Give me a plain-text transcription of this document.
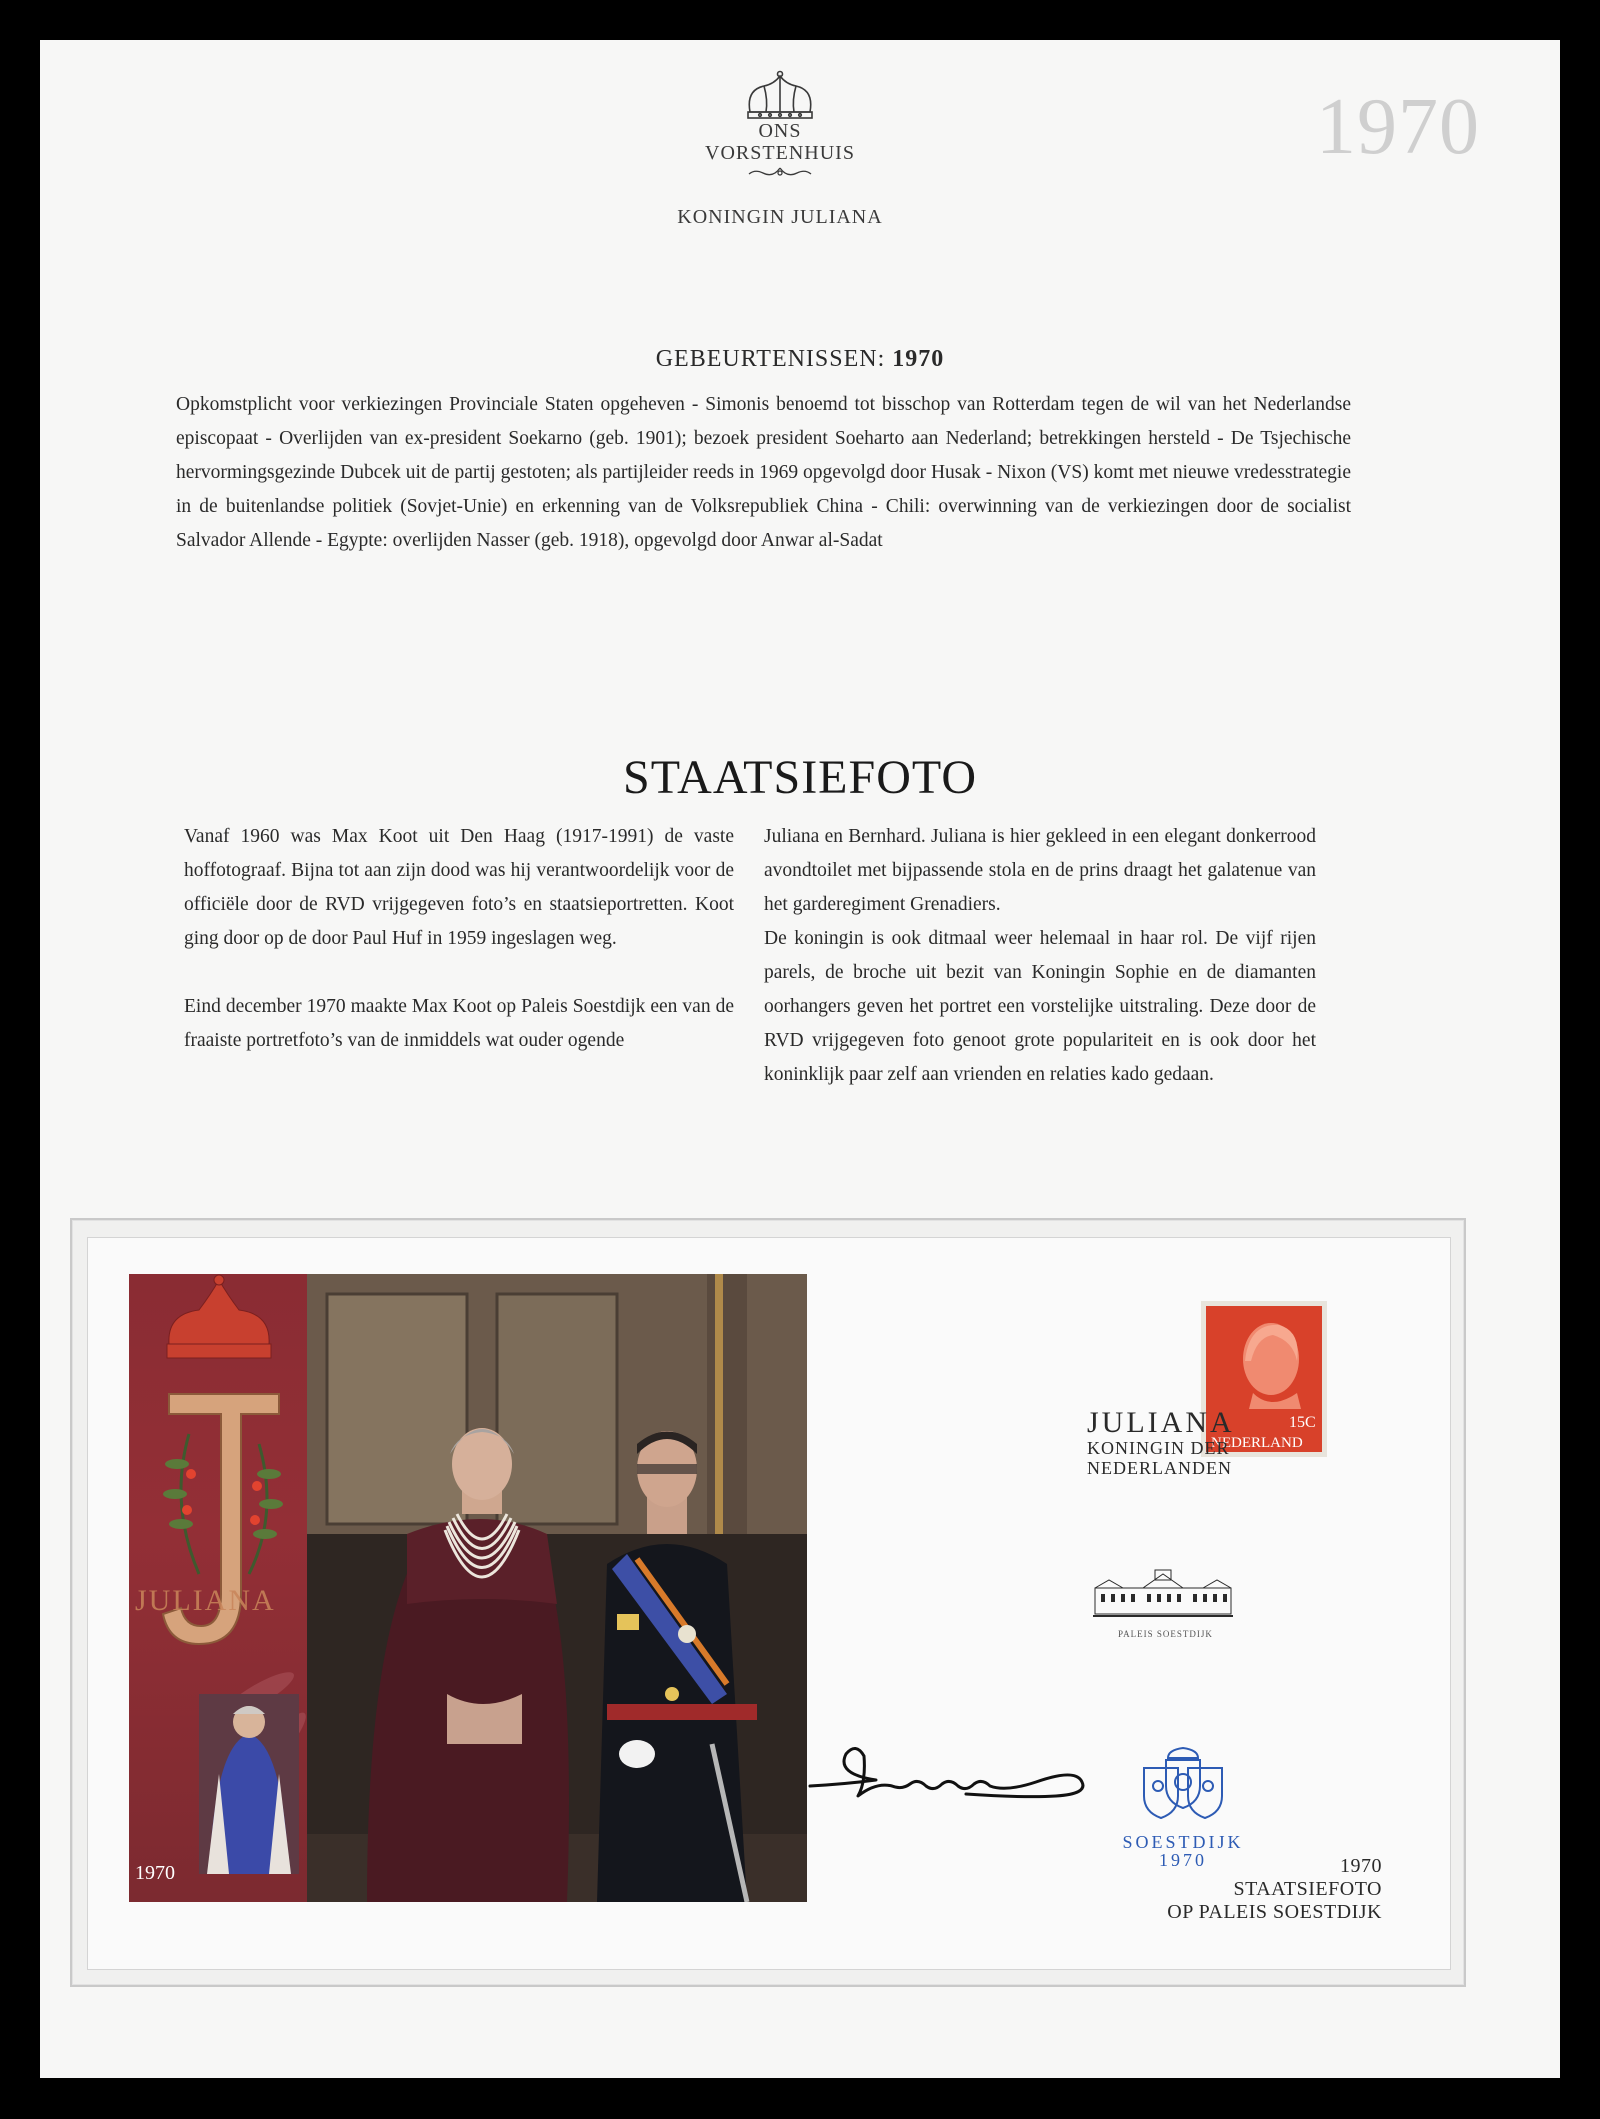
ONS
VORSTENHUIS
KONINGIN JULIANA
1970
GEBEURTENISSEN: 1970
Opkomstplicht voor verkiezingen Provinciale Staten opgeheven - Simonis benoemd tot bisschop van Rotterdam tegen de wil van het Nederlandse episcopaat - Overlijden van ex-president Soekarno (geb. 1901); bezoek president Soeharto aan Nederland; betrekkingen hersteld - De Tsjechische hervormingsgezinde Dubcek uit de partij gestoten; als partijleider reeds in 1969 opgevolgd door Husak - Nixon (VS) komt met nieuwe vredesstrategie in de buitenlandse politiek (Sovjet-Unie) en erkenning van de Volksrepubliek China - Chili: overwinning van de verkiezingen door de socialist Salvador Allende - Egypte: overlijden Nasser (geb. 1918), opgevolgd door Anwar al-Sadat
STAATSIEFOTO

Vanaf 1960 was Max Koot uit Den Haag (1917-1991) de vaste hoffotograaf. Bijna tot aan zijn dood was hij verantwoordelijk voor de officiële door de RVD vrijgegeven foto’s en staatsieportretten. Koot ging door op de door Paul Huf in 1959 ingeslagen weg.

Eind december 1970 maakte Max Koot op Paleis Soestdijk een van de fraaiste portretfoto’s van de inmiddels wat ouder ogende

Juliana en Bernhard. Juliana is hier gekleed in een elegant donkerrood avondtoilet met bijpassende stola en de prins draagt het galatenue van het garderegiment Grenadiers.

De koningin is ook ditmaal weer helemaal in haar rol. De vijf rijen parels, de broche uit bezit van Koningin Sophie en de diamanten oorhangers geven het portret een vorstelijke uitstraling. Deze door de RVD vrijgegeven foto genoot grote populariteit en is ook door het koninklijk paar zelf aan vrienden en relaties kado gedaan.

JULIANA
1970
15C
NEDERLAND
JULIANA
KONINGIN DER
NEDERLANDEN
PALEIS SOESTDIJK
SOESTDIJK
1970	1970
STAATSIEFOTO
OP PALEIS SOESTDIJK
